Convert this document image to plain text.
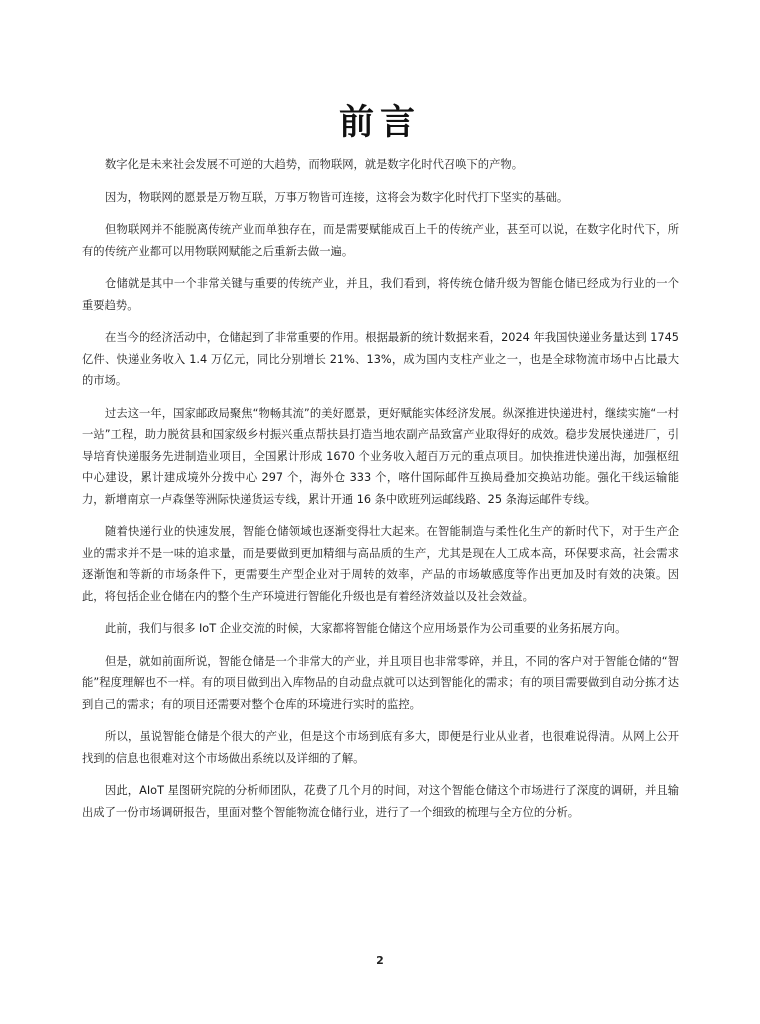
前言

数字化是未来社会发展不可逆的大趋势，而物联网，就是数字化时代召唤下的产物。

因为，物联网的愿景是万物互联，万事万物皆可连接，这将会为数字化时代打下坚实的基础。

但物联网并不能脱离传统产业而单独存在，而是需要赋能成百上千的传统产业，甚至可以说，在数字化时代下，所有的传统产业都可以用物联网赋能之后重新去做一遍。

仓储就是其中一个非常关键与重要的传统产业，并且，我们看到，将传统仓储升级为智能仓储已经成为行业的一个重要趋势。

在当今的经济活动中，仓储起到了非常重要的作用。根据最新的统计数据来看，2024 年我国快递业务量达到 1745 亿件、快递业务收入 1.4 万亿元，同比分别增长 21%、13%，成为国内支柱产业之一，也是全球物流市场中占比最大的市场。

过去这一年，国家邮政局聚焦“物畅其流”的美好愿景，更好赋能实体经济发展。纵深推进快递进村，继续实施“一村一站”工程，助力脱贫县和国家级乡村振兴重点帮扶县打造当地农副产品致富产业取得好的成效。稳步发展快递进厂，引导培育快递服务先进制造业项目，全国累计形成 1670 个业务收入超百万元的重点项目。加快推进快递出海，加强枢纽中心建设，累计建成境外分拨中心 297 个，海外仓 333 个，喀什国际邮件互换局叠加交换站功能。强化干线运输能力，新增南京一卢森堡等洲际快递货运专线，累计开通 16 条中欧班列运邮线路、25 条海运邮件专线。

随着快递行业的快速发展，智能仓储领域也逐渐变得壮大起来。在智能制造与柔性化生产的新时代下，对于生产企业的需求并不是一味的追求量，而是要做到更加精细与高品质的生产，尤其是现在人工成本高，环保要求高，社会需求逐渐饱和等新的市场条件下，更需要生产型企业对于周转的效率，产品的市场敏感度等作出更加及时有效的决策。因此，将包括企业仓储在内的整个生产环境进行智能化升级也是有着经济效益以及社会效益。

此前，我们与很多 IoT 企业交流的时候，大家都将智能仓储这个应用场景作为公司重要的业务拓展方向。

但是，就如前面所说，智能仓储是一个非常大的产业，并且项目也非常零碎，并且，不同的客户对于智能仓储的“智能”程度理解也不一样。有的项目做到出入库物品的自动盘点就可以达到智能化的需求；有的项目需要做到自动分拣才达到自己的需求；有的项目还需要对整个仓库的环境进行实时的监控。

所以，虽说智能仓储是个很大的产业，但是这个市场到底有多大，即便是行业从业者，也很难说得清。从网上公开找到的信息也很难对这个市场做出系统以及详细的了解。

因此，AIoT 星图研究院的分析师团队，花费了几个月的时间，对这个智能仓储这个市场进行了深度的调研，并且输出成了一份市场调研报告，里面对整个智能物流仓储行业，进行了一个细致的梳理与全方位的分析。

2
